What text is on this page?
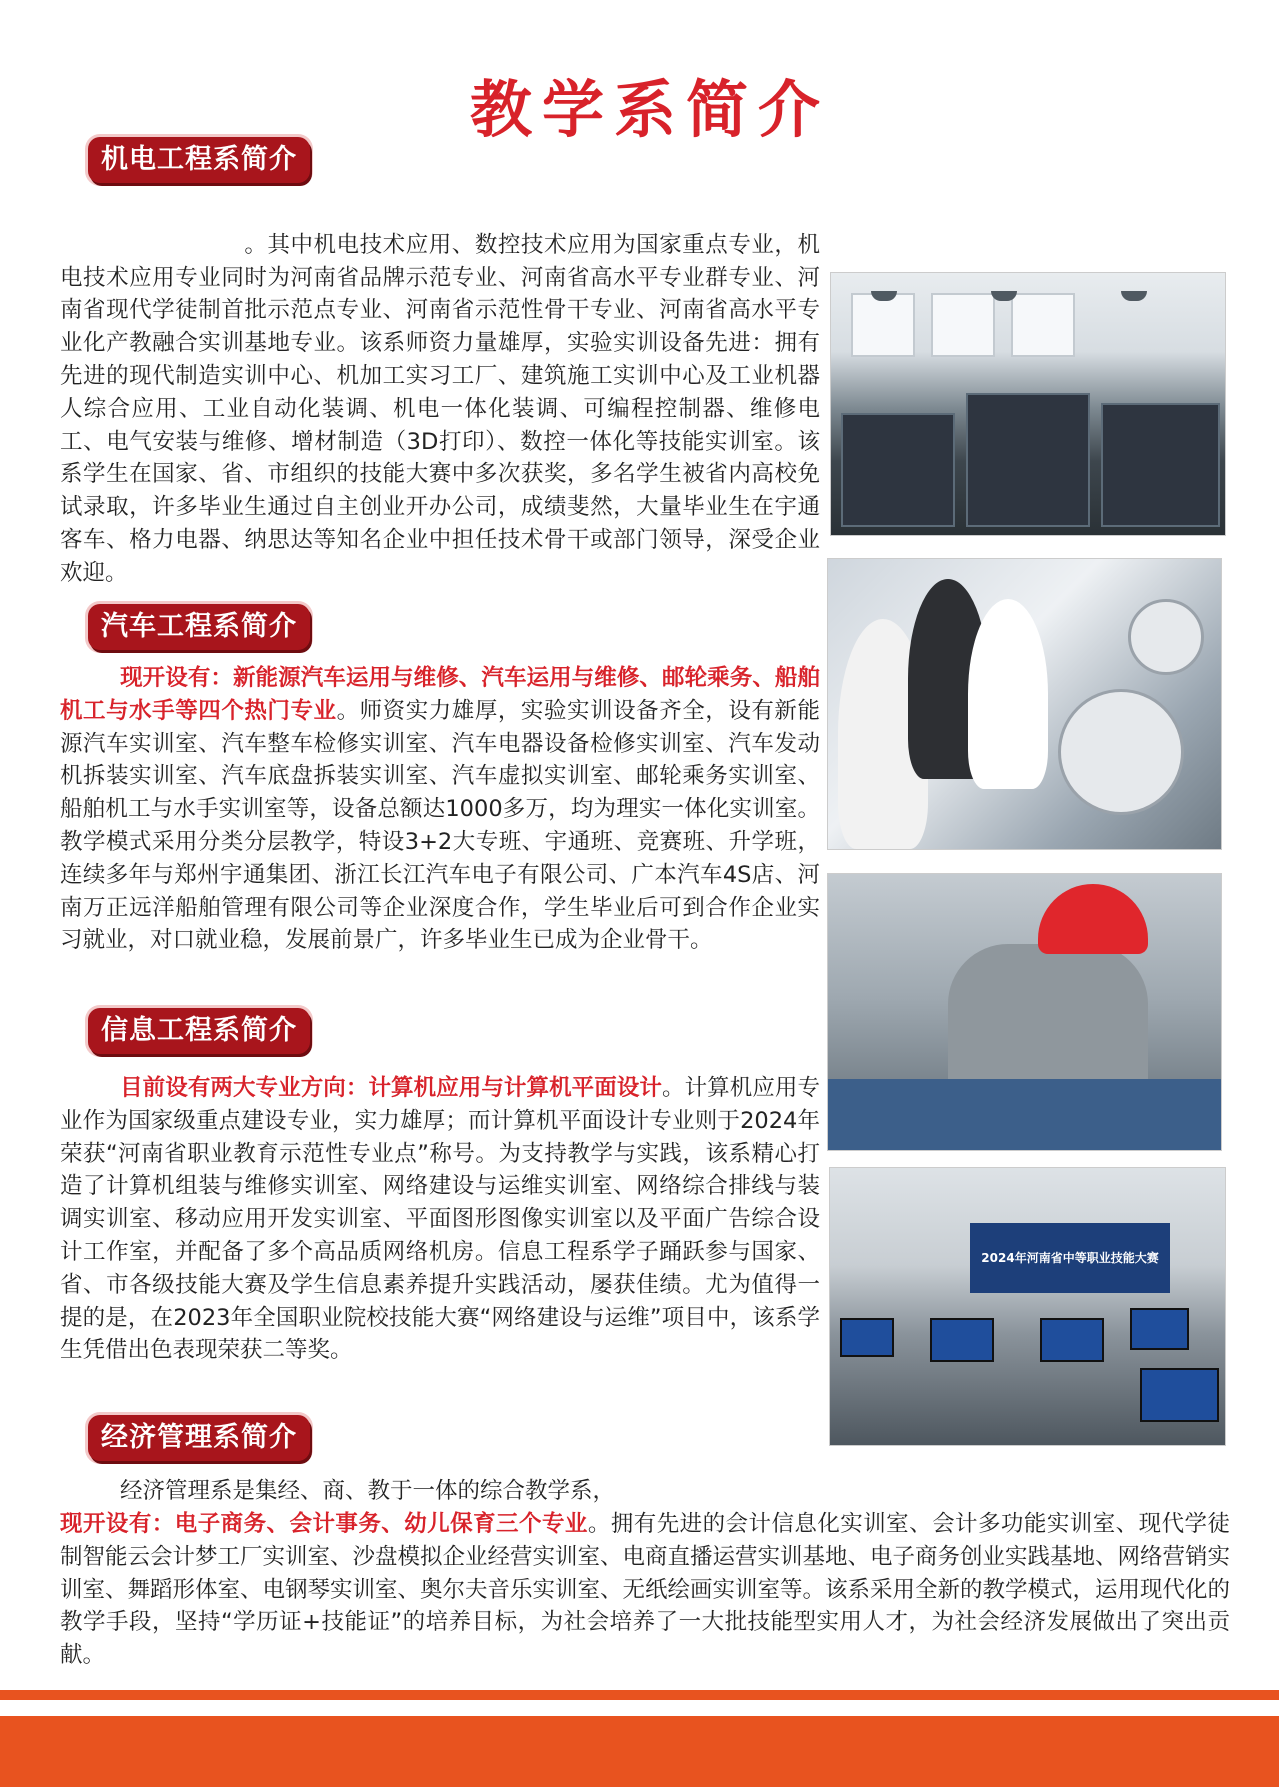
教学系简介
机电工程系简介

。其中机电技术应用、数控技术应用为国家重点专业，机电技术应用专业同时为河南省品牌示范专业、河南省高水平专业群专业、河南省现代学徒制首批示范点专业、河南省示范性骨干专业、河南省高水平专业化产教融合实训基地专业。该系师资力量雄厚，实验实训设备先进：拥有先进的现代制造实训中心、机加工实习工厂、建筑施工实训中心及工业机器人综合应用、工业自动化装调、机电一体化装调、可编程控制器、维修电工、电气安装与维修、增材制造（3D打印）、数控一体化等技能实训室。该系学生在国家、省、市组织的技能大赛中多次获奖，多名学生被省内高校免试录取，许多毕业生通过自主创业开办公司，成绩斐然，大量毕业生在宇通客车、格力电器、纳思达等知名企业中担任技术骨干或部门领导，深受企业欢迎。

汽车工程系简介

现开设有：新能源汽车运用与维修、汽车运用与维修、邮轮乘务、船舶机工与水手等四个热门专业。师资实力雄厚，实验实训设备齐全，设有新能源汽车实训室、汽车整车检修实训室、汽车电器设备检修实训室、汽车发动机拆装实训室、汽车底盘拆装实训室、汽车虚拟实训室、邮轮乘务实训室、船舶机工与水手实训室等，设备总额达1000多万，均为理实一体化实训室。教学模式采用分类分层教学，特设3+2大专班、宇通班、竞赛班、升学班，连续多年与郑州宇通集团、浙江长江汽车电子有限公司、广本汽车4S店、河南万正远洋船舶管理有限公司等企业深度合作，学生毕业后可到合作企业实习就业，对口就业稳，发展前景广，许多毕业生已成为企业骨干。

信息工程系简介

目前设有两大专业方向：计算机应用与计算机平面设计。计算机应用专业作为国家级重点建设专业，实力雄厚；而计算机平面设计专业则于2024年荣获“河南省职业教育示范性专业点”称号。为支持教学与实践，该系精心打造了计算机组装与维修实训室、网络建设与运维实训室、网络综合排线与装调实训室、移动应用开发实训室、平面图形图像实训室以及平面广告综合设计工作室，并配备了多个高品质网络机房。信息工程系学子踊跃参与国家、省、市各级技能大赛及学生信息素养提升实践活动，屡获佳绩。尤为值得一提的是，在2023年全国职业院校技能大赛“网络建设与运维”项目中，该系学生凭借出色表现荣获二等奖。

经济管理系简介

经济管理系是集经、商、教于一体的综合教学系，

现开设有：电子商务、会计事务、幼儿保育三个专业。拥有先进的会计信息化实训室、会计多功能实训室、现代学徒制智能云会计梦工厂实训室、沙盘模拟企业经营实训室、电商直播运营实训基地、电子商务创业实践基地、网络营销实训室、舞蹈形体室、电钢琴实训室、奥尔夫音乐实训室、无纸绘画实训室等。该系采用全新的教学模式，运用现代化的教学手段，坚持“学历证+技能证”的培养目标，为社会培养了一大批技能型实用人才，为社会经济发展做出了突出贡献。

2024年河南省中等职业技能大赛
